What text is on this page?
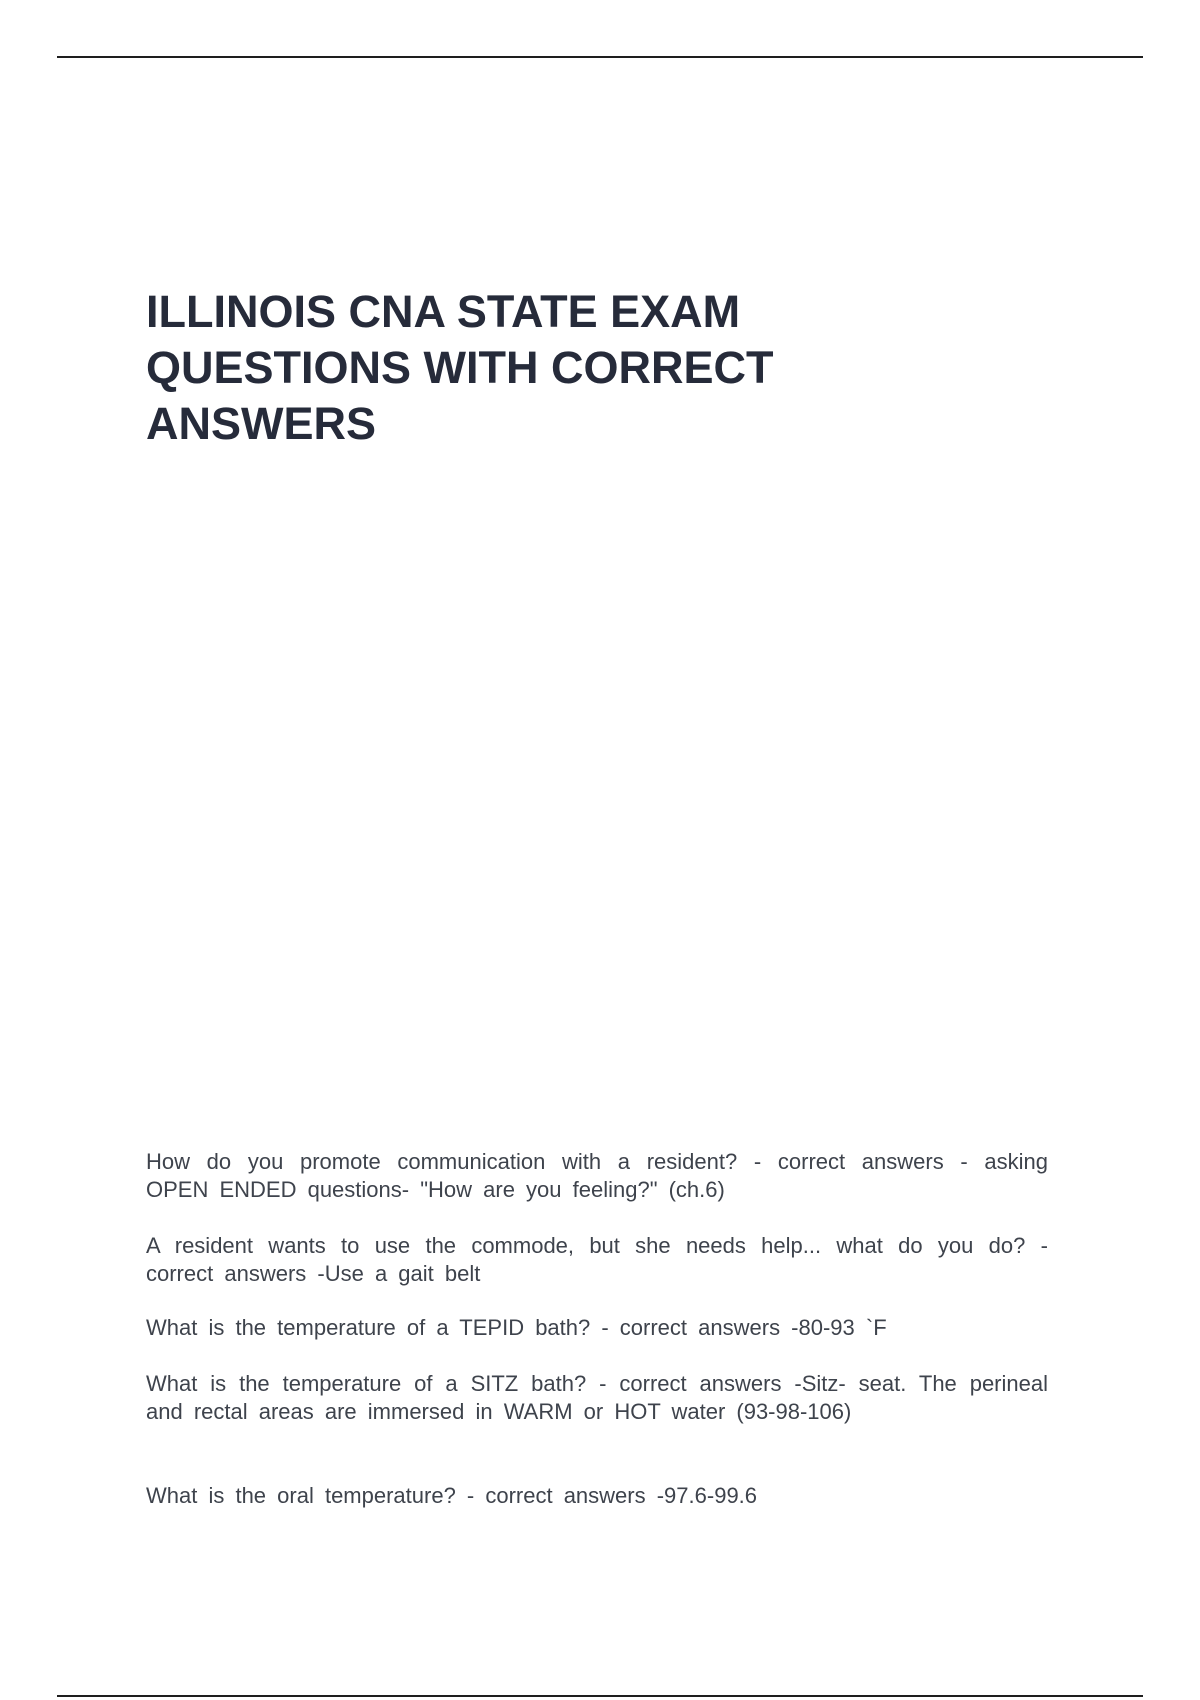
ILLINOIS CNA STATE EXAM QUESTIONS WITH CORRECT ANSWERS
How do you promote communication with a resident? - correct answers - asking OPEN ENDED questions- "How are you feeling?" (ch.6)
A resident wants to use the commode, but she needs help... what do you do? - correct answers -Use a gait belt
What is the temperature of a TEPID bath? - correct answers -80-93 `F
What is the temperature of a SITZ bath? - correct answers -Sitz- seat. The perineal and rectal areas are immersed in WARM or HOT water (93-98-106)
What is the oral temperature? - correct answers -97.6-99.6
